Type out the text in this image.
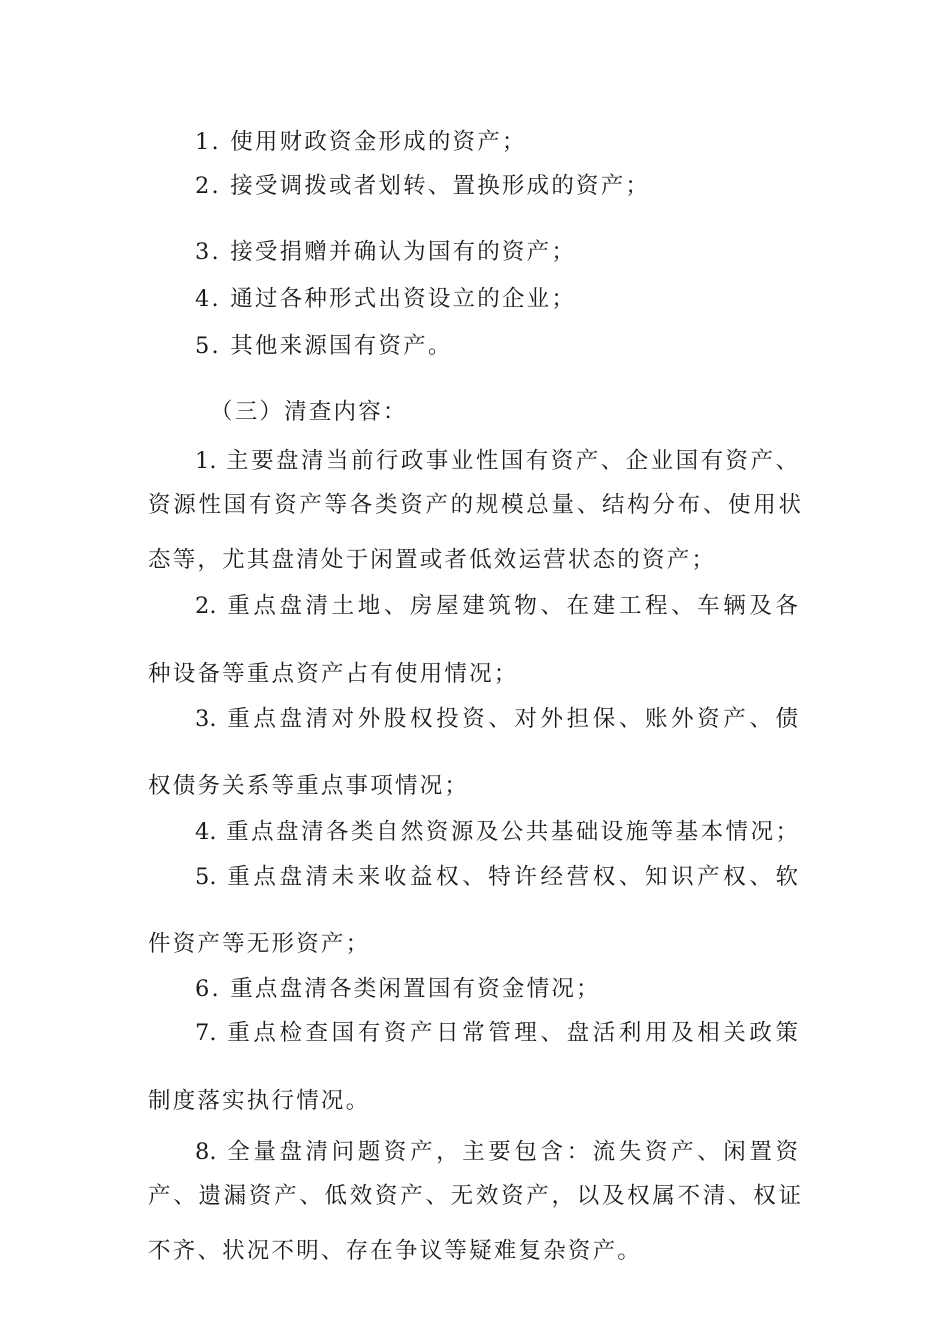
1. 使用财政资金形成的资产；
2. 接受调拨或者划转、置换形成的资产；
3. 接受捐赠并确认为国有的资产；
4. 通过各种形式出资设立的企业；
5. 其他来源国有资产。
（三）清查内容：
1. 主要盘清当前行政事业性国有资产、企业国有资产、
资源性国有资产等各类资产的规模总量、结构分布、使用状
态等，尤其盘清处于闲置或者低效运营状态的资产；
2. 重点盘清土地、房屋建筑物、在建工程、车辆及各
种设备等重点资产占有使用情况；
3. 重点盘清对外股权投资、对外担保、账外资产、债
权债务关系等重点事项情况；
4. 重点盘清各类自然资源及公共基础设施等基本情况；
5. 重点盘清未来收益权、特许经营权、知识产权、软
件资产等无形资产；
6. 重点盘清各类闲置国有资金情况；
7. 重点检查国有资产日常管理、盘活利用及相关政策
制度落实执行情况。
8. 全量盘清问题资产，主要包含：流失资产、闲置资
产、遗漏资产、低效资产、无效资产，以及权属不清、权证
不齐、状况不明、存在争议等疑难复杂资产。
